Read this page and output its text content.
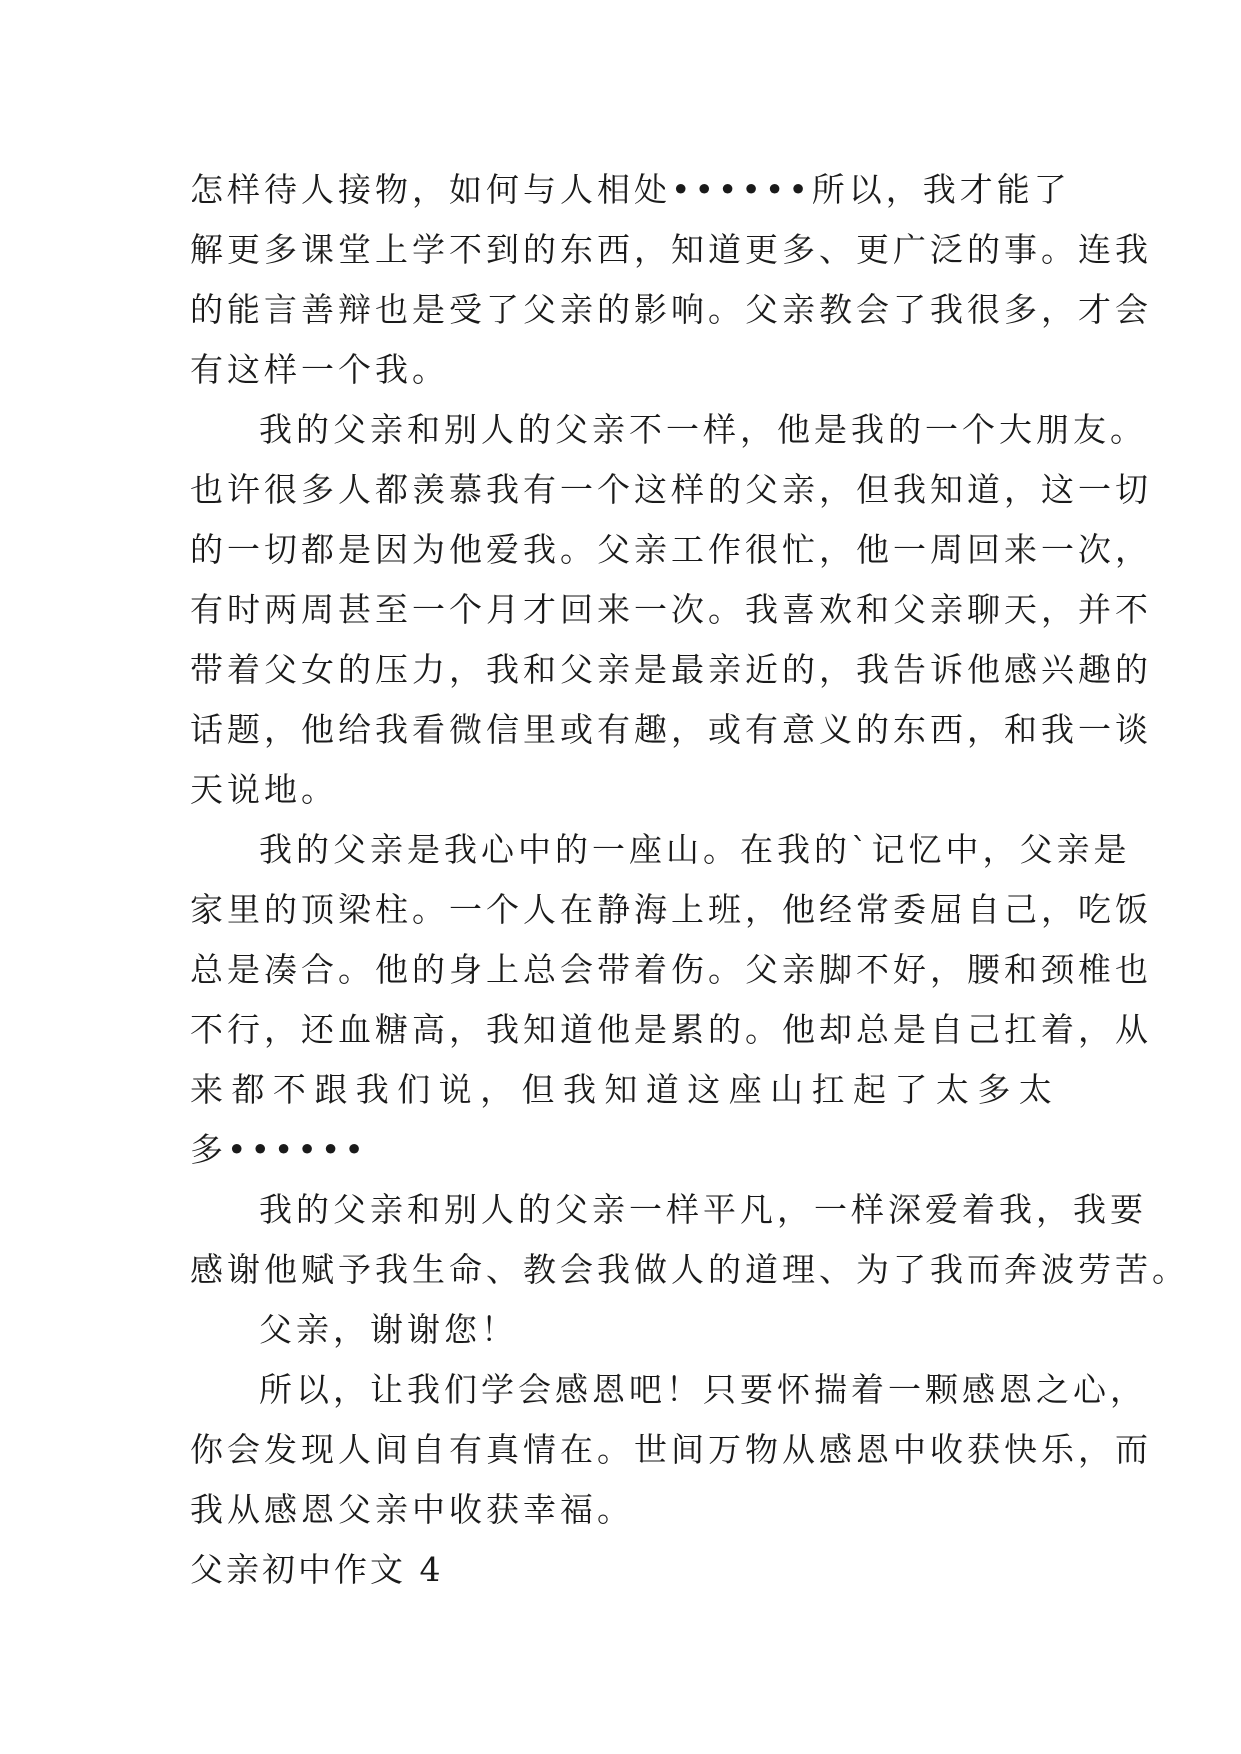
怎样待人接物，如何与人相处••••••所以，我才能了
解更多课堂上学不到的东西，知道更多、更广泛的事。连我
的能言善辩也是受了父亲的影响。父亲教会了我很多，才会
有这样一个我。
我的父亲和别人的父亲不一样，他是我的一个大朋友。
也许很多人都羡慕我有一个这样的父亲，但我知道，这一切
的一切都是因为他爱我。父亲工作很忙，他一周回来一次，
有时两周甚至一个月才回来一次。我喜欢和父亲聊天，并不
带着父女的压力，我和父亲是最亲近的，我告诉他感兴趣的
话题，他给我看微信里或有趣，或有意义的东西，和我一谈
天说地。
我的父亲是我心中的一座山。在我的`记忆中，父亲是
家里的顶梁柱。一个人在静海上班，他经常委屈自己，吃饭
总是凑合。他的身上总会带着伤。父亲脚不好，腰和颈椎也
不行，还血糖高，我知道他是累的。他却总是自己扛着，从
来 都 不 跟 我 们 说 ， 但 我 知 道 这 座 山 扛 起 了 太 多 太
多••••••
我的父亲和别人的父亲一样平凡，一样深爱着我，我要
感谢他赋予我生命、教会我做人的道理、为了我而奔波劳苦。
父亲，谢谢您！
所以，让我们学会感恩吧！只要怀揣着一颗感恩之心，
你会发现人间自有真情在。世间万物从感恩中收获快乐，而
我从感恩父亲中收获幸福。
父亲初中作文 4
